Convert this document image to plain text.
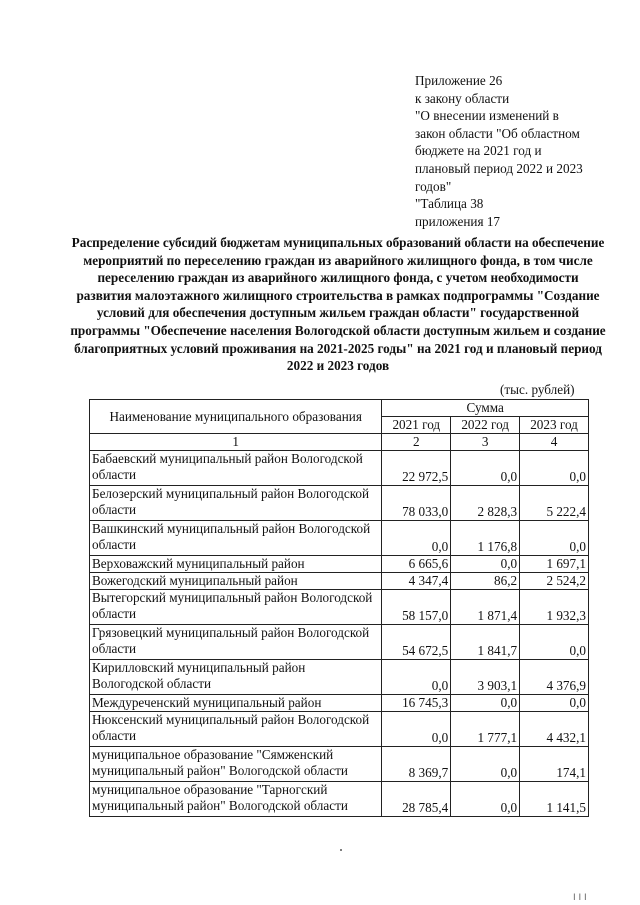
Приложение 26
к закону области
"О внесении изменений в
закон области "Об областном
бюджете на 2021 год и
плановый период 2022 и 2023
годов"
"Таблица 38
приложения 17
Распределение субсидий бюджетам муниципальных образований области на обеспечение мероприятий по переселению граждан из аварийного жилищного фонда, в том числе переселению граждан из аварийного жилищного фонда, с учетом необходимости развития малоэтажного жилищного строительства в рамках подпрограммы "Создание условий для обеспечения доступным жильем граждан области" государственной программы "Обеспечение населения Вологодской области доступным жильем и создание благоприятных условий проживания на 2021-2025 годы" на 2021 год и плановый период 2022 и 2023 годов
(тыс. рублей)
Наименование муниципального образования	Сумма		
	2021 год	2022 год	2023 год
1	2	3	4
Бабаевский муниципальный район Вологодской области	22 972,5	0,0	0,0
Белозерский муниципальный район Вологодской области	78 033,0	2 828,3	5 222,4
Вашкинский муниципальный район Вологодской области	0,0	1 176,8	0,0
Верховажский муниципальный район	6 665,6	0,0	1 697,1
Вожегодский муниципальный район	4 347,4	86,2	2 524,2
Вытегорский муниципальный район Вологодской области	58 157,0	1 871,4	1 932,3
Грязовецкий муниципальный район Вологодской области	54 672,5	1 841,7	0,0
Кирилловский муниципальный район Вологодской области	0,0	3 903,1	4 376,9
Междуреченский муниципальный район	16 745,3	0,0	0,0
Нюксенский муниципальный район Вологодской области	0,0	1 777,1	4 432,1
муниципальное образование "Сямженский муниципальный район" Вологодской области	8 369,7	0,0	174,1
муниципальное образование "Тарногский муниципальный район" Вологодской области	28 785,4	0,0	1 141,5
I I I
